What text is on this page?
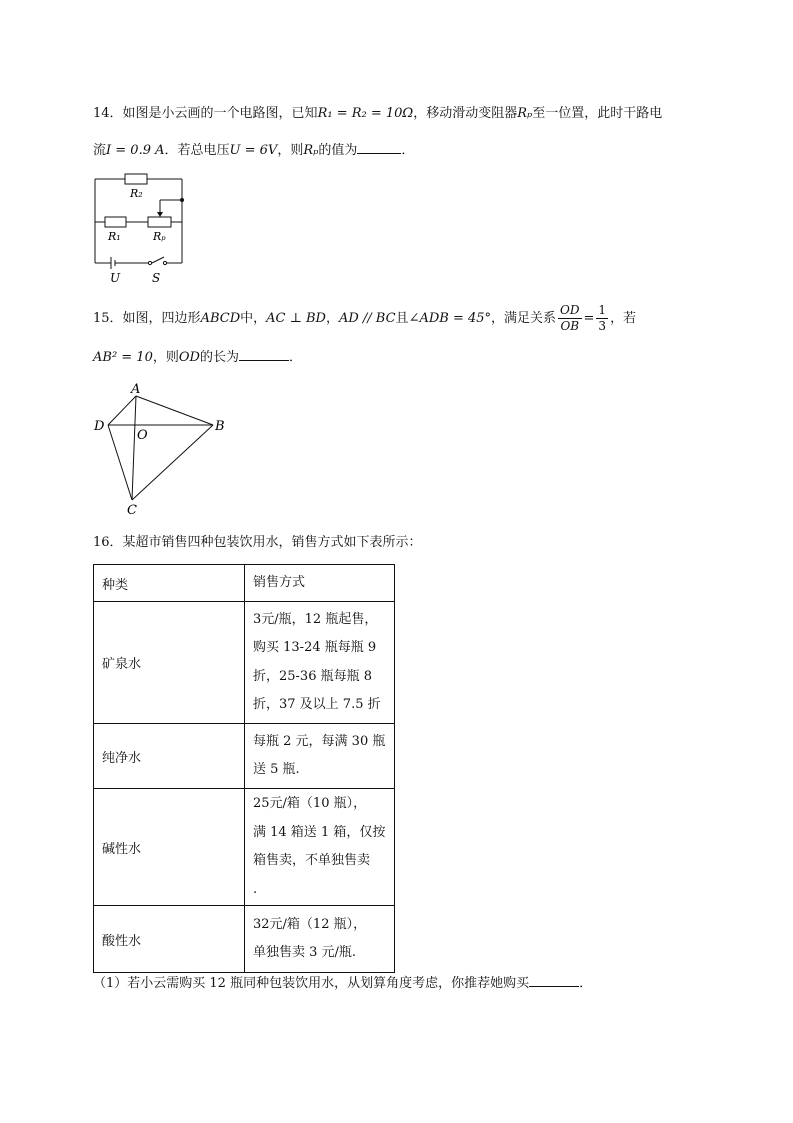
14．如图是小云画的一个电路图，已知R₁ = R₂ = 10Ω，移动滑动变阻器Rₚ至一位置，此时干路电
流I = 0.9 A．若总电压U = 6V，则Rₚ的值为	．
R₂
R₁	Rₚ
U	S
15．如图，四边形ABCD中，AC ⊥ BD，AD // BC且∠ADB = 45°，满足关系 $\frac{OD}{OB} = \frac{1}{3}$ ，若
AB² = 10，则OD的长为	．
A
D
O
B
C
16．某超市销售四种包装饮用水，销售方式如下表所示：
种类	销售方式
矿泉水	3元/瓶，12 瓶起售，
购买 13-24 瓶每瓶 9
折，25-36 瓶每瓶 8
折，37 及以上 7.5 折

纯净水	每瓶 2 元，每满 30 瓶
送 5 瓶.

碱性水	25元/箱（10 瓶），
满 14 箱送 1 箱，仅按
箱售卖，不单独售卖
.

酸性水	32元/箱（12 瓶），
单独售卖 3 元/瓶.
（1）若小云需购买 12 瓶同种包装饮用水，从划算角度考虑，你推荐她购买	．
